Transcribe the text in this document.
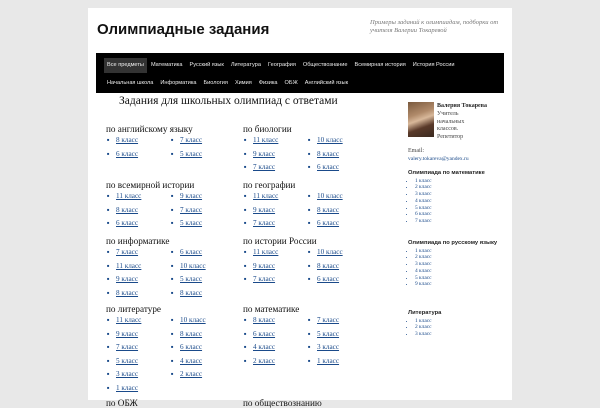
Олимпиадные задания	Примеры заданий к олимпиадам, подборки от учителя Валерии Токаревой
Все предметы	Математика	Русский язык	Литература	География	Обществознание	Всемирная история	История России
Начальная школа	Информатика	Биология	Химия	Физика	ОБЖ	Английский язык
Задания для школьных олимпиад с ответами
по английскому языку
■ 8 класс
■ 6 класс
■ 7 класс
■ 5 класс
по биологии
■ 11 класс
■ 9 класс
■ 7 класс
■ 10 класс
■ 8 класс
■ 6 класс
по всемирной истории
■ 11 класс
■ 8 класс
■ 6 класс
■ 9 класс
■ 7 класс
■ 5 класс
по географии
■ 11 класс
■ 9 класс
■ 7 класс
■ 10 класс
■ 8 класс
■ 6 класс
по информатике
■ 7 класс
■ 11 класс
■ 9 класс
■ 8 класс
■ 6 класс
■ 10 класс
■ 5 класс
■ 8 класс
по истории России
■ 11 класс
■ 9 класс
■ 7 класс
■ 10 класс
■ 8 класс
■ 6 класс
по литературе
■ 11 класс
■ 9 класс
■ 7 класс
■ 5 класс
■ 3 класс
■ 1 класс
■ 10 класс
■ 8 класс
■ 6 класс
■ 4 класс
■ 2 класс
по математике
■ 8 класс
■ 6 класс
■ 4 класс
■ 2 класс
■ 7 класс
■ 5 класс
■ 3 класс
■ 1 класс
по ОБЖ	по обществознанию
Валерия Токарева
Учитель
начальных
классов.
Репетитор
Email:
valery.tokareva@yandex.ru
Олимпиада по математике
• 1 класс
• 2 класс
• 3 класс
• 4 класс
• 5 класс
• 6 класс
• 7 класс
Олимпиада по русскому языку
• 1 класс
• 2 класс
• 3 класс
• 4 класс
• 5 класс
• 9 класс
Литература
• 1 класс
• 2 класс
• 3 класс
